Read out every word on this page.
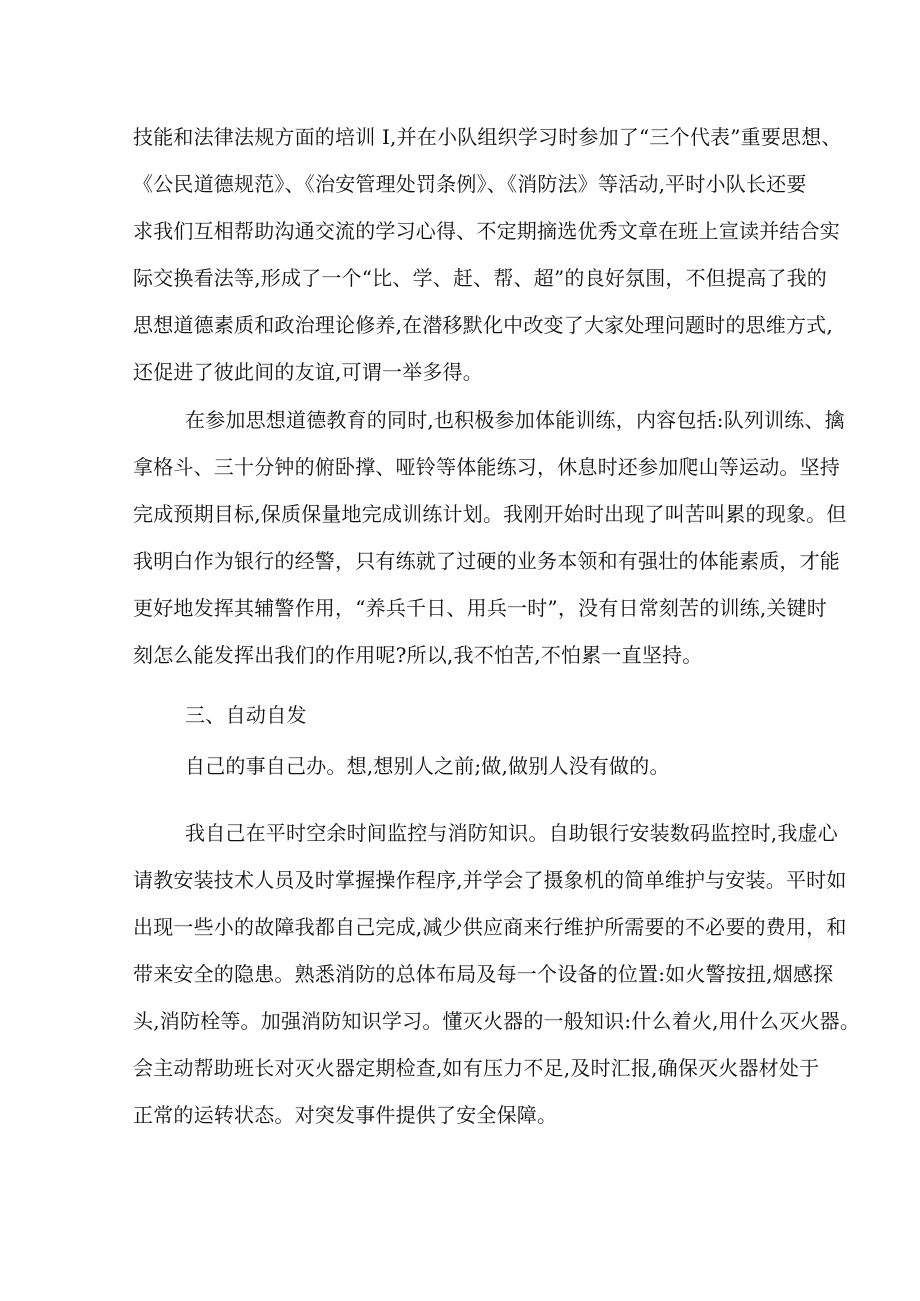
技能和法律法规方面的培训 I,并在小队组织学习时参加了“三个代表”重要思想、
《公民道德规范》、《治安管理处罚条例》、《消防法》等活动,平时小队长还要
求我们互相帮助沟通交流的学习心得、不定期摘选优秀文章在班上宣读并结合实
际交换看法等,形成了一个“比、学、赶、帮、超”的良好氛围，不但提高了我的
思想道德素质和政治理论修养,在潜移默化中改变了大家处理问题时的思维方式,
还促进了彼此间的友谊,可谓一举多得。
在参加思想道德教育的同时,也积极参加体能训练，内容包括:队列训练、擒
拿格斗、三十分钟的俯卧撑、哑铃等体能练习，休息时还参加爬山等运动。坚持
完成预期目标,保质保量地完成训练计划。我刚开始时出现了叫苦叫累的现象。但
我明白作为银行的经警，只有练就了过硬的业务本领和有强壮的体能素质，才能
更好地发挥其辅警作用，“养兵千日、用兵一时”，没有日常刻苦的训练,关键时
刻怎么能发挥出我们的作用呢?所以,我不怕苦,不怕累一直坚持。
三、自动自发
自己的事自己办。想,想别人之前;做,做别人没有做的。
我自己在平时空余时间监控与消防知识。自助银行安装数码监控时,我虚心
请教安装技术人员及时掌握操作程序,并学会了摄象机的简单维护与安装。平时如
出现一些小的故障我都自己完成,减少供应商来行维护所需要的不必要的费用，和
带来安全的隐患。熟悉消防的总体布局及每一个设备的位置:如火警按扭,烟感探
头,消防栓等。加强消防知识学习。懂灭火器的一般知识:什么着火,用什么灭火器。
会主动帮助班长对灭火器定期检查,如有压力不足,及时汇报,确保灭火器材处于
正常的运转状态。对突发事件提供了安全保障。
